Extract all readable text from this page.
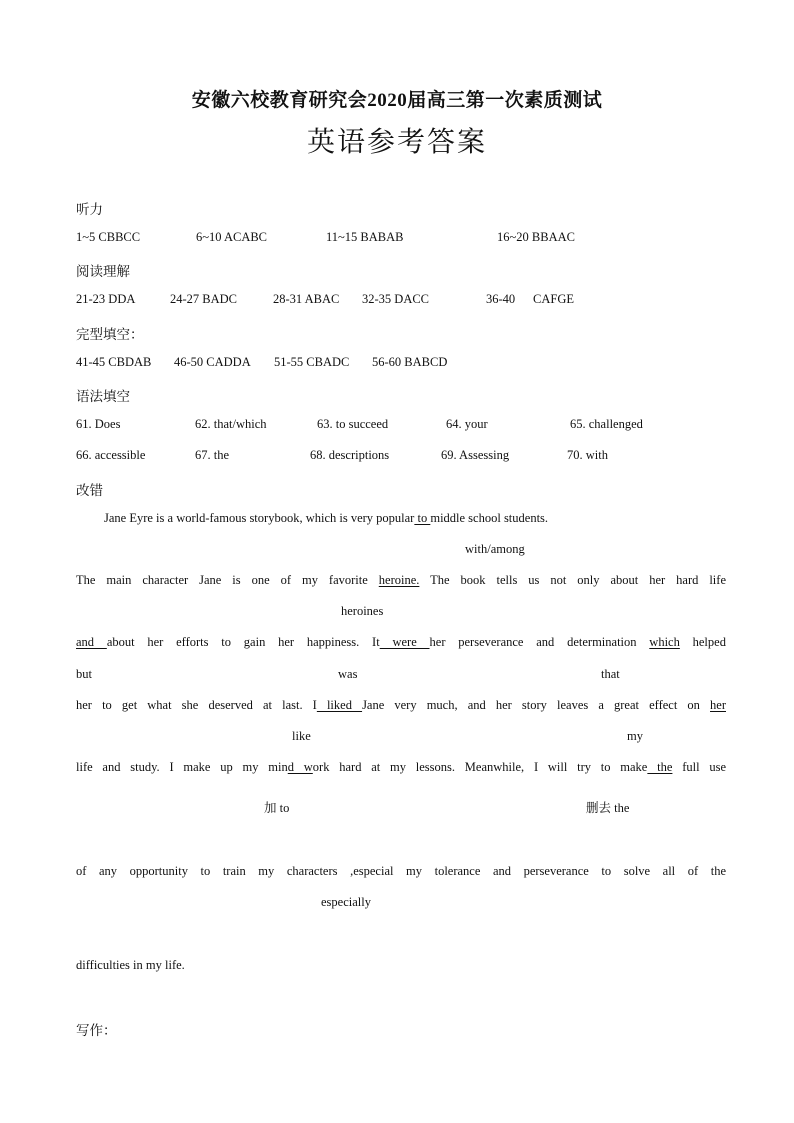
安徽六校教育研究会2020届高三第一次素质测试
英语参考答案
听力
1~5 CBBCC	6~10 ACABC	11~15 BABAB	16~20 BBAAC
阅读理解
21-23 DDA	24-27 BADC	28-31 ABAC 32-35 DACC	36-40 CAFGE
完型填空：
41-45 CBDAB 46-50 CADDA 51-55 CBADC 56-60 BABCD
语法填空
61. Does	62. that/which	63. to succeed	64. your	65. challenged
66. accessible	67. the	68. descriptions	69. Assessing	70. with
改错
Jane Eyre is a world-famous storybook, which is very popular to middle school students.
with/among
The main character Jane is one of my favorite heroine. The book tells us not only about her hard life
heroines
and about her efforts to gain her happiness. It were her perseverance and determination which helped
but	was	that
her to get what she deserved at last. I liked Jane very much, and her story leaves a great effect on her
like	my
life and study. I make up my mind work hard at my lessons. Meanwhile, I will try to make the full use
加 to	删去 the
of any opportunity to train my characters ,especial my tolerance and perseverance to solve all of the
especially
difficulties in my life.
写作：
